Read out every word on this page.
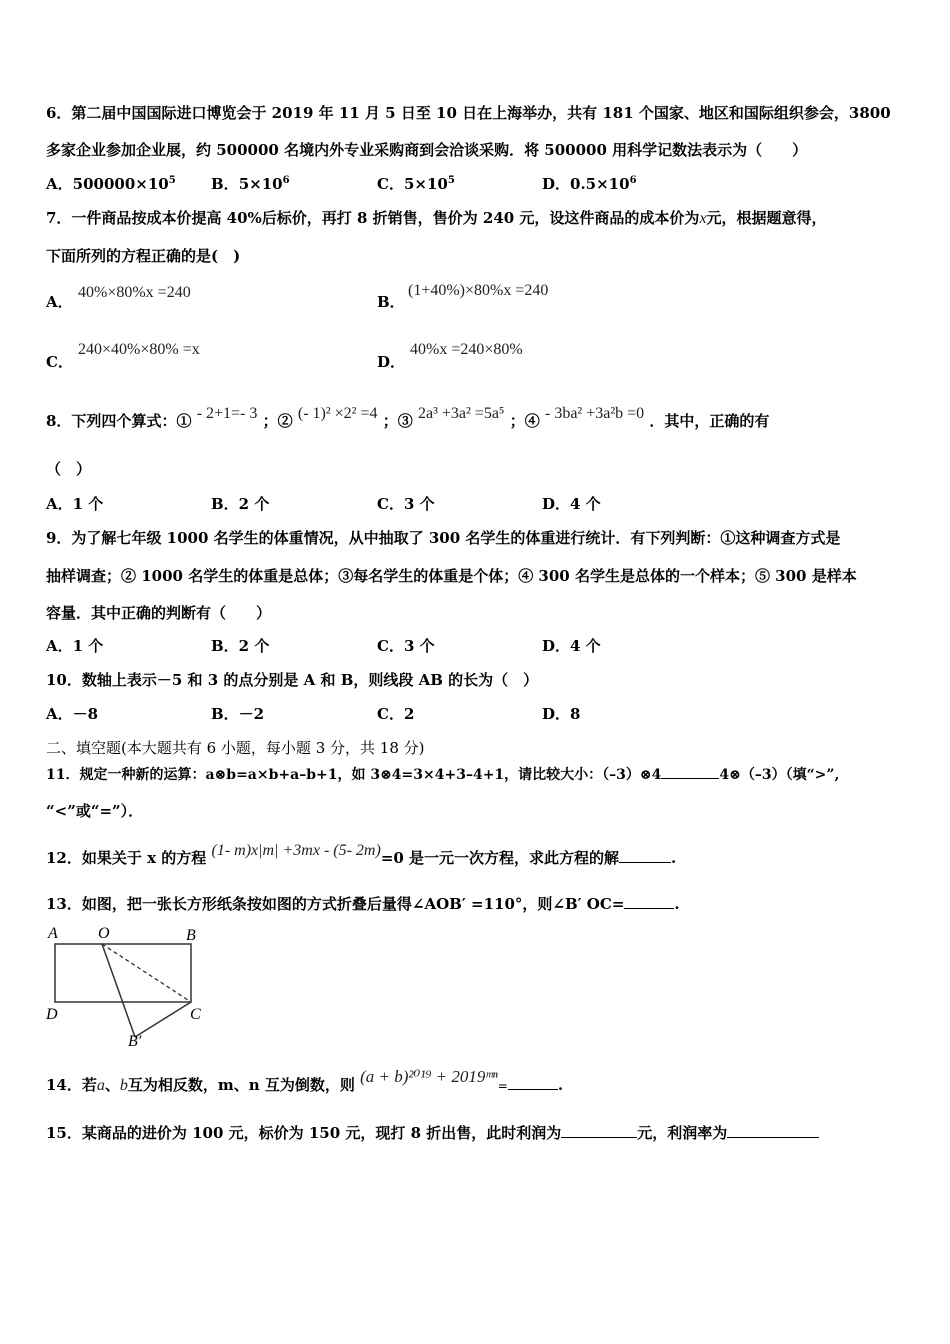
6．第二届中国国际进口博览会于 2019 年 11 月 5 日至 10 日在上海举办，共有 181 个国家、地区和国际组织参会，3800
多家企业参加企业展，约 500000 名境内外专业采购商到会洽谈采购．将 500000 用科学记数法表示为（　　）
A．$500000\times 10^5$ B．$5\times 10^6$	C．$5\times 10^5$	D．$0.5\times 10^6$
7．一件商品按成本价提高 40%后标价，再打 8 折销售，售价为 240 元，设这件商品的成本价为x元，根据题意得，
下面所列的方程正确的是(　)
A．
40%×80%x =240
B．
(1+40%)×80%x =240
C．
240×40%×80% =x
D．
40%x =240×80%
8．下列四个算式：① - 2+1=- 3 ；② (- 1)² ×2² =4 ；③ 2a³ +3a² =5a⁵ ；④ - 3ba² +3a²b =0 ．其中，正确的有
（　）
A．1 个	B．2 个	C．3 个	D．4 个
9．为了解七年级 1000 名学生的体重情况，从中抽取了 300 名学生的体重进行统计．有下列判断：①这种调查方式是
抽样调查；② 1000 名学生的体重是总体；③每名学生的体重是个体；④ 300 名学生是总体的一个样本；⑤ 300 是样本
容量．其中正确的判断有（　　）
A．1 个	B．2 个	C．3 个	D．4 个
10．数轴上表示－5 和 3 的点分别是 A 和 B，则线段 AB 的长为（　）
A．－8	B．－2	C．2	D．8
二、填空题(本大题共有 6 小题，每小题 3 分，共 18 分)
11．规定一种新的运算：a⊗b=a×b+a–b+1，如 3⊗4=3×4+3–4+1，请比较大小：（–3）⊗4	4⊗（–3）（填“>”,
“<”或“=”）．
12．如果关于 x 的方程 (1- m)x|m| +3mx - (5- 2m)=0 是一元一次方程，求此方程的解	.
13．如图，把一张长方形纸条按如图的方式折叠后量得∠AOB′ =110°，则∠B′ OC=	.
A	O	B
D	C
B′
14．若a、b互为相反数，m、n 互为倒数，则 (a + b)²⁰¹⁹ + 2019ᵐⁿ=	.
15．某商品的进价为 100 元，标价为 150 元，现打 8 折出售，此时利润为	元，利润率为
